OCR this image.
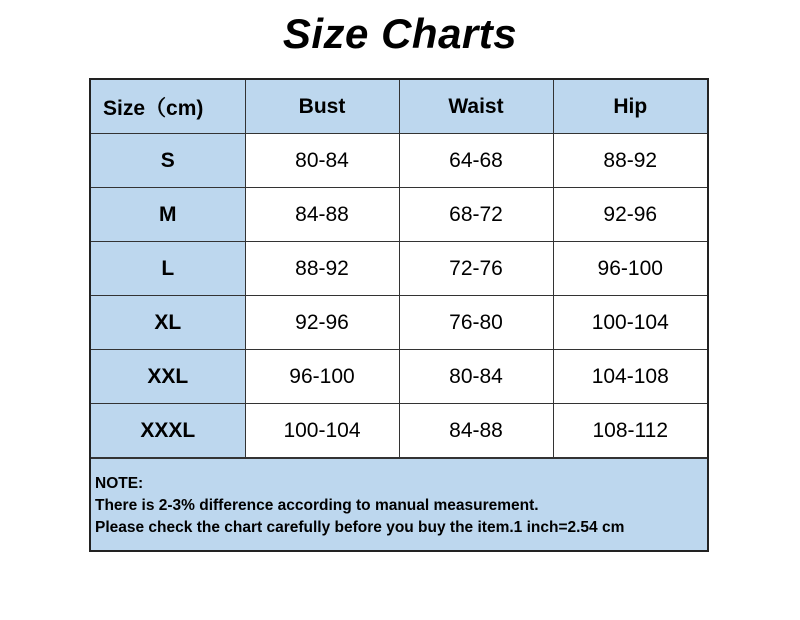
Size Charts
Size（cm)	Bust	Waist	Hip
S	80-84	64-68	88-92
M	84-88	68-72	92-96
L	88-92	72-76	96-100
XL	92-96	76-80	100-104
XXL	96-100	80-84	104-108
XXXL	100-104	84-88	108-112
NOTE:
There is 2-3% difference according to manual measurement.
Please check the chart carefully before you buy the item.1 inch=2.54 cm
